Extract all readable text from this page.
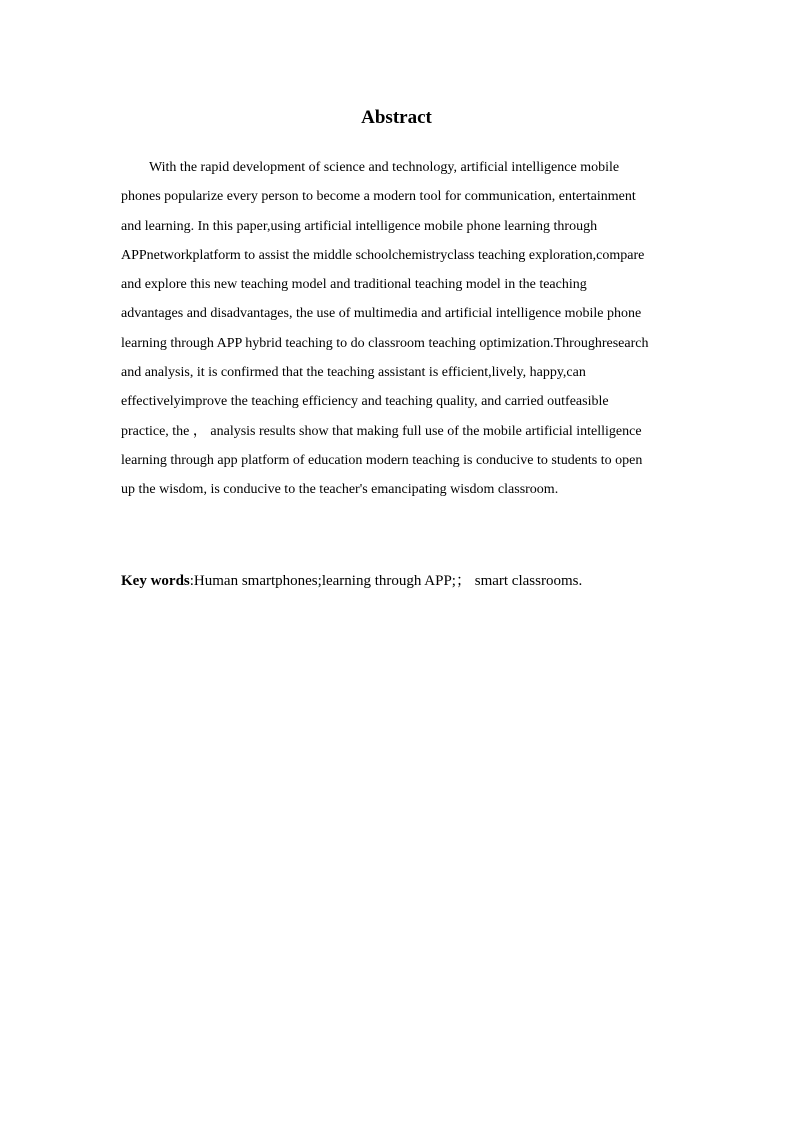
Abstract
With the rapid development of science and technology, artificial intelligence mobile
phones popularize every person to become a modern tool for communication, entertainment
and learning. In this paper,using artificial intelligence mobile phone learning through
APPnetworkplatform to assist the middle schoolchemistryclass teaching exploration,compare
and explore this new teaching model and traditional teaching model in the teaching
advantages and disadvantages, the use of multimedia and artificial intelligence mobile phone
learning through APP hybrid teaching to do classroom teaching optimization.Throughresearch
and analysis, it is confirmed that the teaching assistant is efficient,lively, happy,can
effectivelyimprove the teaching efficiency and teaching quality, and carried outfeasible
practice, the ， analysis results show that making full use of the mobile artificial intelligence
learning through app platform of education modern teaching is conducive to students to open
up the wisdom, is conducive to the teacher's emancipating wisdom classroom.
Key words:Human smartphones;learning through APP;； smart classrooms.
